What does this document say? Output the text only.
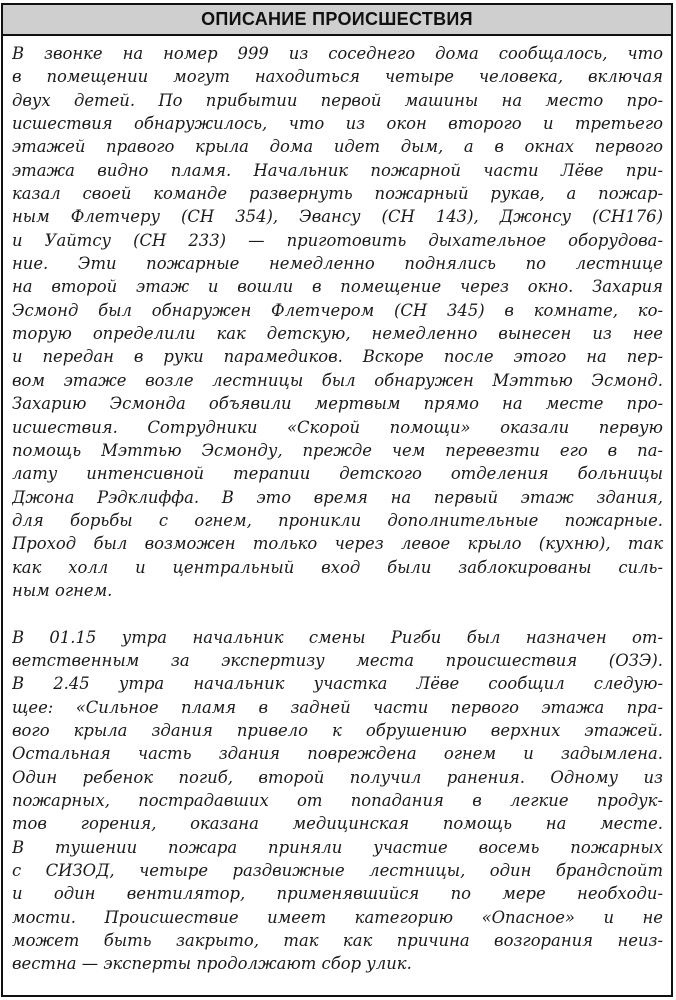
ОПИСАНИЕ ПРОИСШЕСТВИЯ
В звонке на номер 999 из соседнего дома сообщалось, что
в помещении могут находиться четыре человека, включая
двух детей. По прибытии первой машины на место про-
исшествия обнаружилось, что из окон второго и третьего
этажей правого крыла дома идет дым, а в окнах первого
этажа видно пламя. Начальник пожарной части Лёве при-
казал своей команде развернуть пожарный рукав, а пожар-
ным Флетчеру (СН 354), Эвансу (СН 143), Джонсу (СН176)
и Уайтсу (СН 233) — приготовить дыхательное оборудова-
ние. Эти пожарные немедленно поднялись по лестнице
на второй этаж и вошли в помещение через окно. Захария
Эсмонд был обнаружен Флетчером (СН 345) в комнате, ко-
торую определили как детскую, немедленно вынесен из нее
и передан в руки парамедиков. Вскоре после этого на пер-
вом этаже возле лестницы был обнаружен Мэттью Эсмонд.
Захарию Эсмонда объявили мертвым прямо на месте про-
исшествия. Сотрудники «Скорой помощи» оказали первую
помощь Мэттью Эсмонду, прежде чем перевезти его в па-
лату интенсивной терапии детского отделения больницы
Джона Рэдклиффа. В это время на первый этаж здания,
для борьбы с огнем, проникли дополнительные пожарные.
Проход был возможен только через левое крыло (кухню), так
как холл и центральный вход были заблокированы силь-
ным огнем.
В 01.15 утра начальник смены Ригби был назначен от-
ветственным за экспертизу места происшествия (ОЗЭ).
В 2.45 утра начальник участка Лёве сообщил следую-
щее: «Сильное пламя в задней части первого этажа пра-
вого крыла здания привело к обрушению верхних этажей.
Остальная часть здания повреждена огнем и задымлена.
Один ребенок погиб, второй получил ранения. Одному из
пожарных, пострадавших от попадания в легкие продук-
тов горения, оказана медицинская помощь на месте.
В тушении пожара приняли участие восемь пожарных
с СИЗОД, четыре раздвижные лестницы, один брандспойт
и один вентилятор, применявшийся по мере необходи-
мости. Происшествие имеет категорию «Опасное» и не
может быть закрыто, так как причина возгорания неиз-
вестна — эксперты продолжают сбор улик.
